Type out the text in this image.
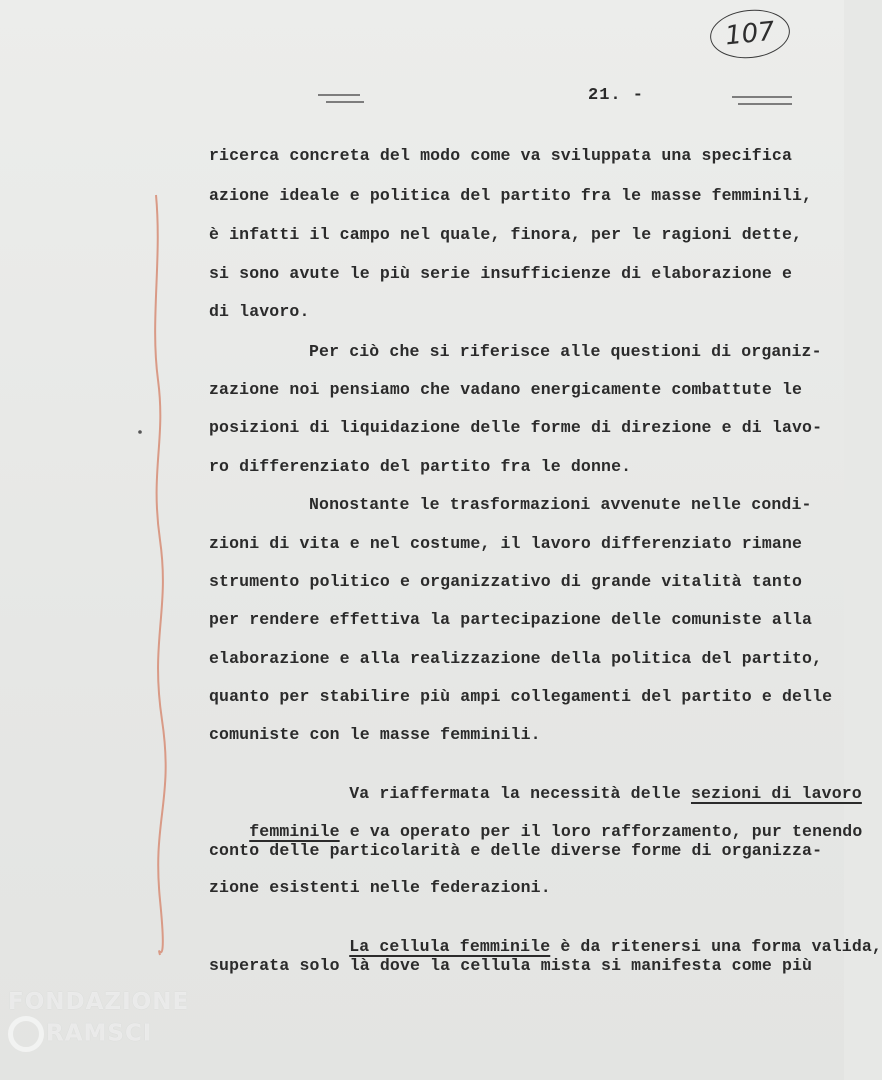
107
21. -
ricerca concreta del modo come va sviluppata una specifica
azione ideale e politica del partito fra le masse femminili,
è infatti il campo nel quale, finora, per le ragioni dette,
si sono avute le più serie insufficienze di elaborazione e
di lavoro.
Per ciò che si riferisce alle questioni di organiz-
zazione noi pensiamo che vadano energicamente combattute le
posizioni di liquidazione delle forme di direzione e di lavo-
ro differenziato del partito fra le donne.
Nonostante le trasformazioni avvenute nelle condi-
zioni di vita e nel costume, il lavoro differenziato rimane
strumento politico e organizzativo di grande vitalità tanto
per rendere effettiva la partecipazione delle comuniste alla
elaborazione e alla realizzazione della politica del partito,
quanto per stabilire più ampi collegamenti del partito e delle
comuniste con le masse femminili.

Va riaffermata la necessità delle sezioni di lavoro

femminile e va operato per il loro rafforzamento, pur tenendo

conto delle particolarità e delle diverse forme di organizza-
zione esistenti nelle federazioni.

La cellula femminile è da ritenersi una forma valida,

superata solo là dove la cellula mista si manifesta come più
FONDAZIONE
RAMSCI
